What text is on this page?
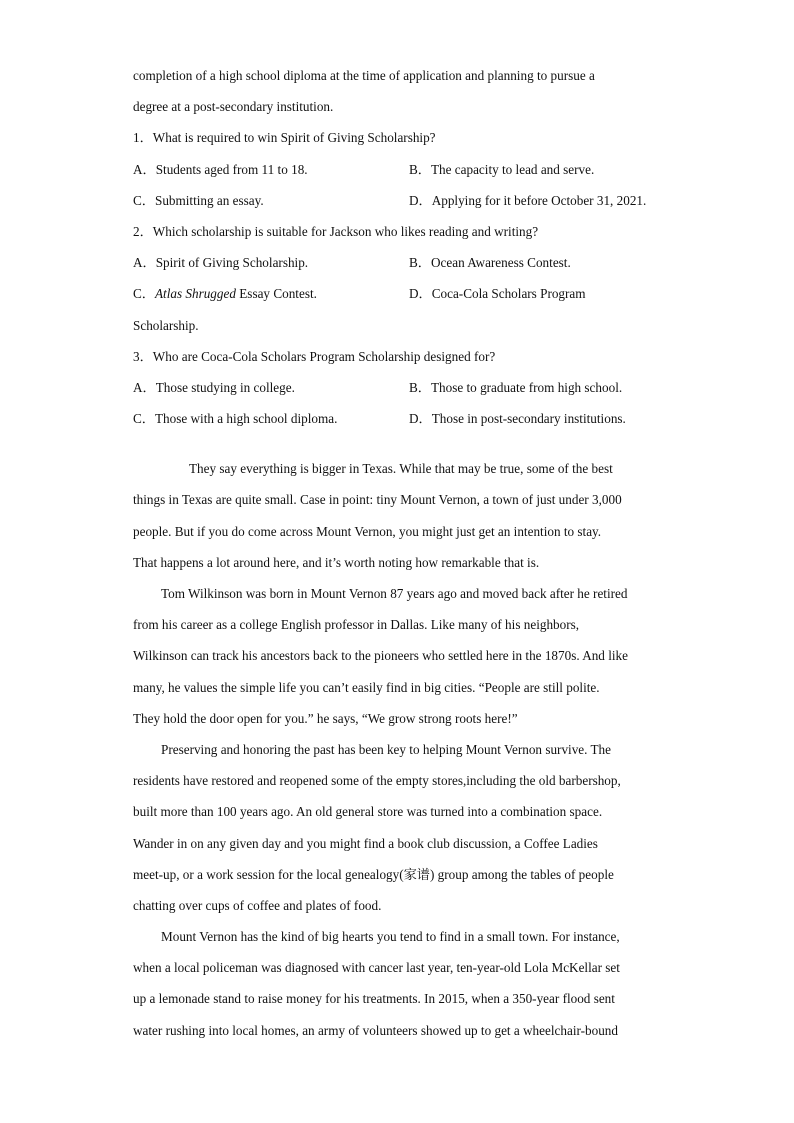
completion of a high school diploma at the time of application and planning to pursue a
degree at a post-secondary institution.
1．What is required to win Spirit of Giving Scholarship?
A．Students aged from 11 to 18.	B．The capacity to lead and serve.
C．Submitting an essay.	D．Applying for it before October 31, 2021.
2．Which scholarship is suitable for Jackson who likes reading and writing?
A．Spirit of Giving Scholarship.	B．Ocean Awareness Contest.
C．Atlas Shrugged Essay Contest.	D．Coca-Cola Scholars Program
Scholarship.
3．Who are Coca-Cola Scholars Program Scholarship designed for?
A．Those studying in college.	B．Those to graduate from high school.
C．Those with a high school diploma.	D．Those in post-secondary institutions.
They say everything is bigger in Texas. While that may be true, some of the best
things in Texas are quite small. Case in point: tiny Mount Vernon, a town of just under 3,000
people. But if you do come across Mount Vernon, you might just get an intention to stay.
That happens a lot around here, and it’s worth noting how remarkable that is.
Tom Wilkinson was born in Mount Vernon 87 years ago and moved back after he retired
from his career as a college English professor in Dallas. Like many of his neighbors,
Wilkinson can track his ancestors back to the pioneers who settled here in the 1870s. And like
many, he values the simple life you can’t easily find in big cities. “People are still polite.
They hold the door open for you.” he says, “We grow strong roots here!”
Preserving and honoring the past has been key to helping Mount Vernon survive. The
residents have restored and reopened some of the empty stores,including the old barbershop,
built more than 100 years ago. An old general store was turned into a combination space.
Wander in on any given day and you might find a book club discussion, a Coffee Ladies
meet-up, or a work session for the local genealogy(家谱) group among the tables of people
chatting over cups of coffee and plates of food.
Mount Vernon has the kind of big hearts you tend to find in a small town. For instance,
when a local policeman was diagnosed with cancer last year, ten-year-old Lola McKellar set
up a lemonade stand to raise money for his treatments. In 2015, when a 350-year flood sent
water rushing into local homes, an army of volunteers showed up to get a wheelchair-bound
